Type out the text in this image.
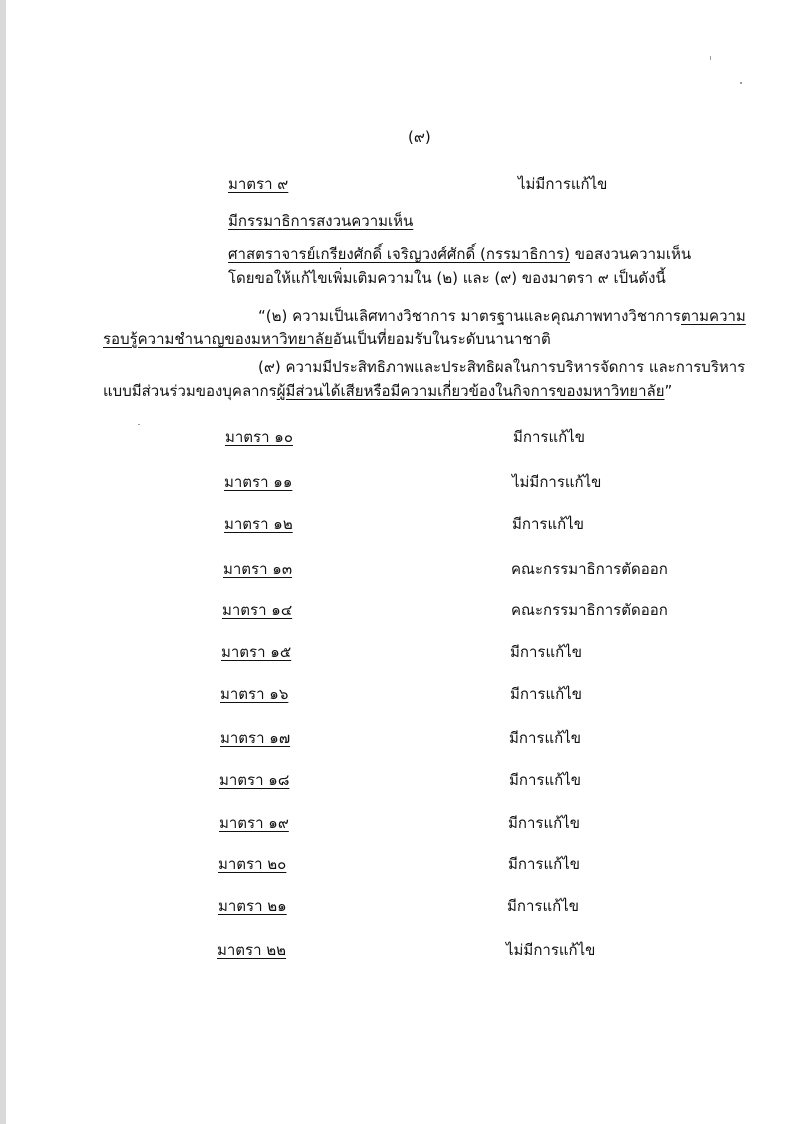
(๙)
มาตรา ๙	ไม่มีการแก้ไข
มีกรรมาธิการสงวนความเห็น
ศาสตราจารย์เกรียงศักดิ์ เจริญวงศ์ศักดิ์ (กรรมาธิการ) ขอสงวนความเห็น
โดยขอให้แก้ไขเพิ่มเติมความใน (๒) และ (๙) ของมาตรา ๙ เป็นดังนี้
“(๒) ความเป็นเลิศทางวิชาการ มาตรฐานและคุณภาพทางวิชาการตามความ
รอบรู้ความชำนาญของมหาวิทยาลัยอันเป็นที่ยอมรับในระดับนานาชาติ
(๙) ความมีประสิทธิภาพและประสิทธิผลในการบริหารจัดการ และการบริหาร
แบบมีส่วนร่วมของบุคลากรผู้มีส่วนได้เสียหรือมีความเกี่ยวข้องในกิจการของมหาวิทยาลัย”
มาตรา ๑๐	มีการแก้ไข
มาตรา ๑๑	ไม่มีการแก้ไข
มาตรา ๑๒	มีการแก้ไข
มาตรา ๑๓	คณะกรรมาธิการตัดออก
มาตรา ๑๔	คณะกรรมาธิการตัดออก
มาตรา ๑๕	มีการแก้ไข
มาตรา ๑๖	มีการแก้ไข
มาตรา ๑๗	มีการแก้ไข
มาตรา ๑๘	มีการแก้ไข
มาตรา ๑๙	มีการแก้ไข
มาตรา ๒๐	มีการแก้ไข
มาตรา ๒๑	มีการแก้ไข
มาตรา ๒๒	ไม่มีการแก้ไข
